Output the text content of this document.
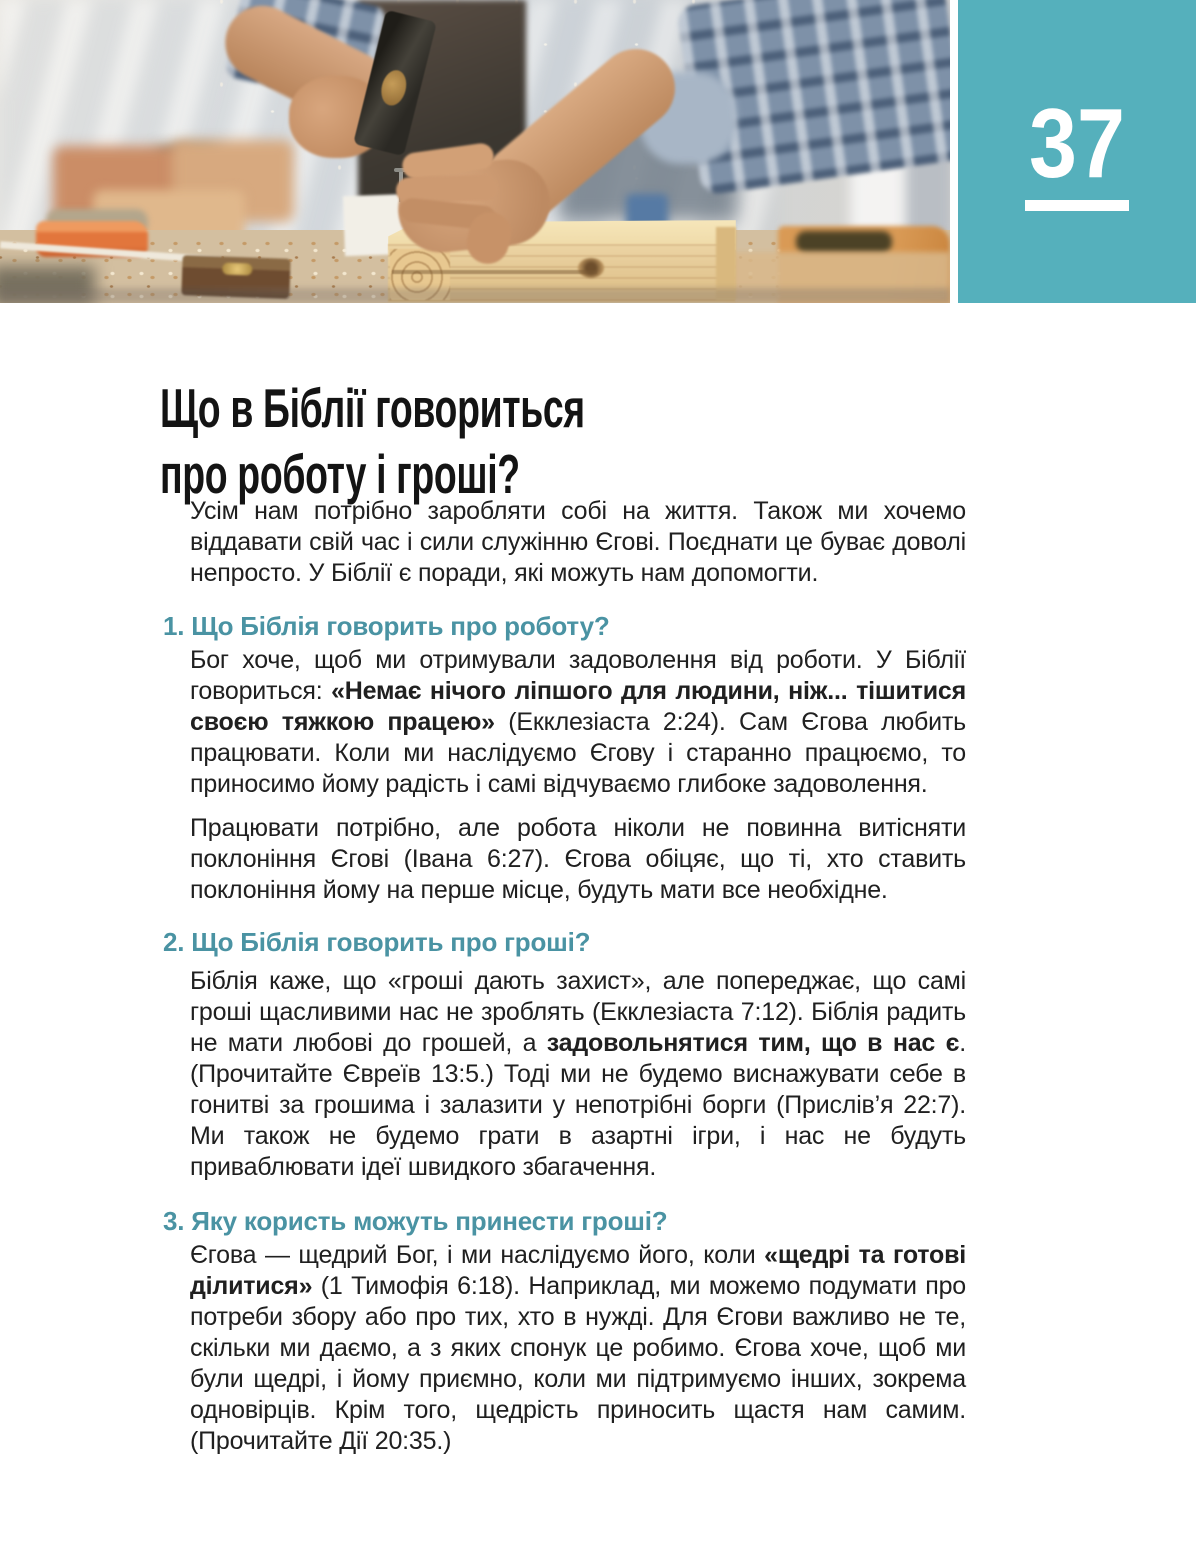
37
Що в Біблії говориться
про роботу і гроші?

Усім нам потрібно заробляти собі на життя. Також ми хочемо віддавати свій час і сили служінню Єгові. Поєднати це буває доволі непросто. У Біблії є поради, які можуть нам допомогти.

1. Що Біблія говорить про роботу?

Бог хоче, щоб ми отримували задоволення від роботи. У Біблії говориться: «Немає нічого ліпшого для людини, ніж... тішитися своєю тяжкою працею» (Екклезіаста 2:24). Сам Єгова любить працювати. Коли ми наслідуємо Єгову і старанно працюємо, то приносимо йому радість і самі відчуваємо глибоке задоволення.

Працювати потрібно, але робота ніколи не повинна витісняти поклоніння Єгові (Івана 6:27). Єгова обіцяє, що ті, хто ставить поклоніння йому на перше місце, будуть мати все необхідне.

2. Що Біблія говорить про гроші?

Біблія каже, що «гроші дають захист», але попереджає, що самі гроші щасливими нас не зроблять (Екклезіаста 7:12). Біблія радить не мати любові до грошей, а задовольнятися тим, що в нас є. (Прочитайте Євреїв 13:5.) Тоді ми не будемо виснажувати себе в гонитві за грошима і залазити у непотрібні борги (Прислів’я 22:7). Ми також не будемо грати в азартні ігри, і нас не будуть приваблювати ідеї швидкого збагачення.

3. Яку користь можуть принести гроші?

Єгова — щедрий Бог, і ми наслідуємо його, коли «щедрі та готові ділитися» (1 Тимофія 6:18). Наприклад, ми можемо подумати про потреби збору або про тих, хто в нужді. Для Єгови важливо не те, скільки ми даємо, а з яких спонук це робимо. Єгова хоче, щоб ми були щедрі, і йому приємно, коли ми підтримуємо інших, зокрема одновірців. Крім того, щедрість приносить щастя нам самим. (Прочитайте Дії 20:35.)
